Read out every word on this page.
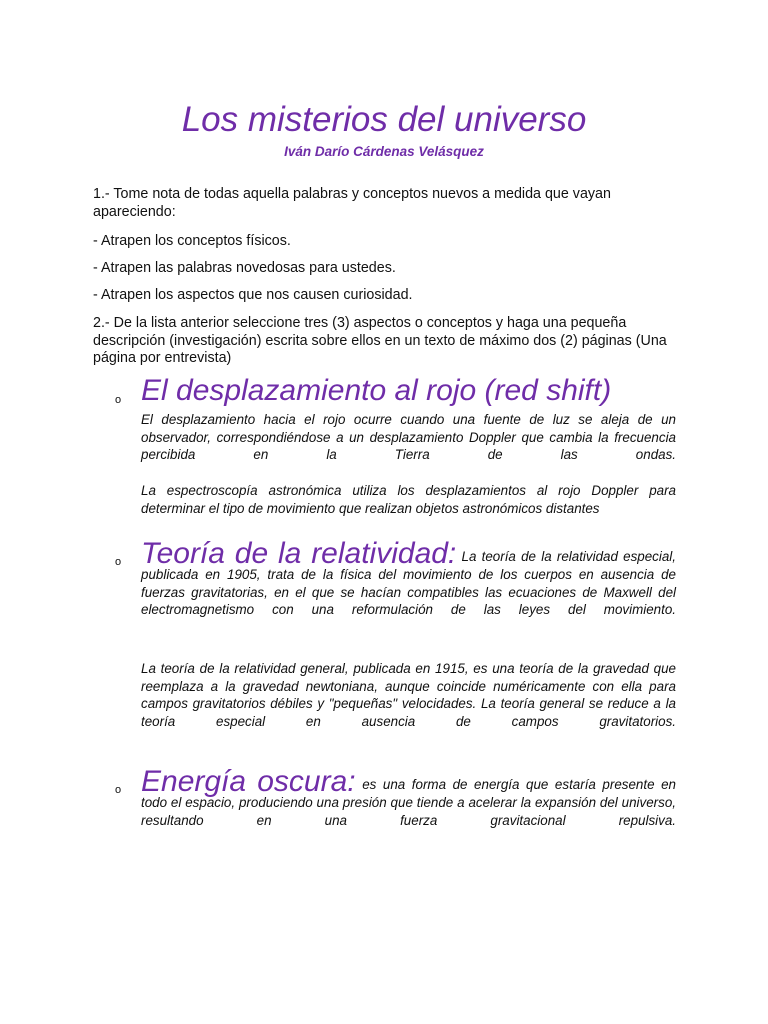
Los misterios del universo
Iván Darío Cárdenas Velásquez

1.- Tome nota de todas aquella palabras y conceptos nuevos a medida que vayan apareciendo:

- Atrapen los conceptos físicos.

- Atrapen las palabras novedosas para ustedes.

- Atrapen los aspectos que nos causen curiosidad.

2.- De la lista anterior seleccione tres (3) aspectos o conceptos y haga una pequeña descripción (investigación) escrita sobre ellos en un texto de máximo dos (2) páginas (Una página por entrevista)

o El desplazamiento al rojo (red shift)

El desplazamiento hacia el rojo ocurre cuando una fuente de luz se aleja de un observador, correspondiéndose a un desplazamiento Doppler que cambia la frecuencia percibida en la Tierra de las ondas.

La espectroscopía astronómica utiliza los desplazamientos al rojo Doppler para determinar el tipo de movimiento que realizan objetos astronómicos distantes

o Teoría de la relatividad: La teoría de la relatividad especial, publicada en 1905, trata de la física del movimiento de los cuerpos en ausencia de fuerzas gravitatorias, en el que se hacían compatibles las ecuaciones de Maxwell del electromagnetismo con una reformulación de las leyes del movimiento.

La teoría de la relatividad general, publicada en 1915, es una teoría de la gravedad que reemplaza a la gravedad newtoniana, aunque coincide numéricamente con ella para campos gravitatorios débiles y "pequeñas" velocidades. La teoría general se reduce a la teoría especial en ausencia de campos gravitatorios.

o Energía oscura: es una forma de energía que estaría presente en todo el espacio, produciendo una presión que tiende a acelerar la expansión del universo, resultando en una fuerza gravitacional repulsiva.
